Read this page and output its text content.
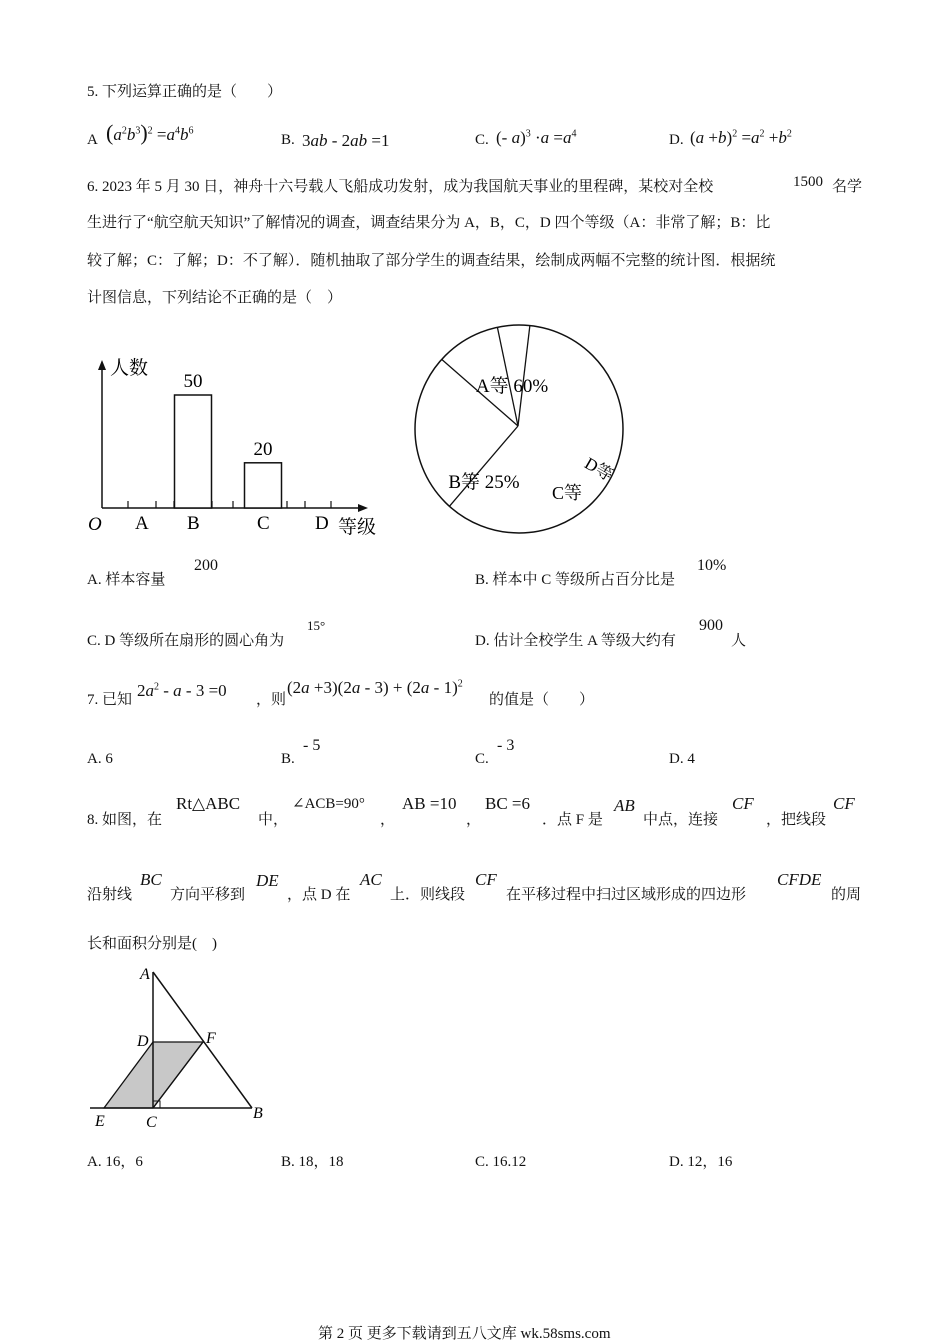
5. 下列运算正确的是（　　）
A $(a^2b^3)^2 =a^4b^6$
B. 3ab - 2ab =1	C. (- $a)^3 \cdot a =a^4$	D. $(a +b)^2 =a^2 +b^2$
6. 2023 年 5 月 30 日，神舟十六号载人飞船成功发射，成为我国航天事业的里程碑，某校对全校	1500 名学
生进行了“航空航天知识”了解情况的调查，调查结果分为 A，B，C，D 四个等级（A：非常了解；B：比
较了解；C：了解；D：不了解）．随机抽取了部分学生的调查结果，绘制成两幅不完整的统计图．根据统
计图信息，下列结论不正确的是（　）
人数
等级
O A B
50
C
20
D
A等 60%
B等 25% C等
D等
A. 样本容量
200
B. 样本中 C 等级所占百分比是
10%
C. D 等级所在扇形的圆心角为
15°
D. 估计全校学生 A 等级大约有
900
人
7. 已知 $2a^2 - a - 3 =0$ ，则
(2a +3)(2a - 3) + (2a - 1)$^2$
的值是（　　）
A. 6	B.
- 5
C.
- 3
D. 4
8. 如图，在
Rt△ABC
中，
∠ACB=90°
，
AB =10
，
BC =6
．点 F 是
AB
中点，连接
CF
，把线段
CF
沿射线
BC
方向平移到
DE
，点 D 在
AC
上．则线段
CF
在平移过程中扫过区域形成的四边形
CFDE
的周
长和面积分别是(　)
A
D	F
E	C
B
A. 16，6	B. 18，18	C. 16.12	D. 12，16
第 2 页 更多下载请到五八文库 wk.58sms.com
